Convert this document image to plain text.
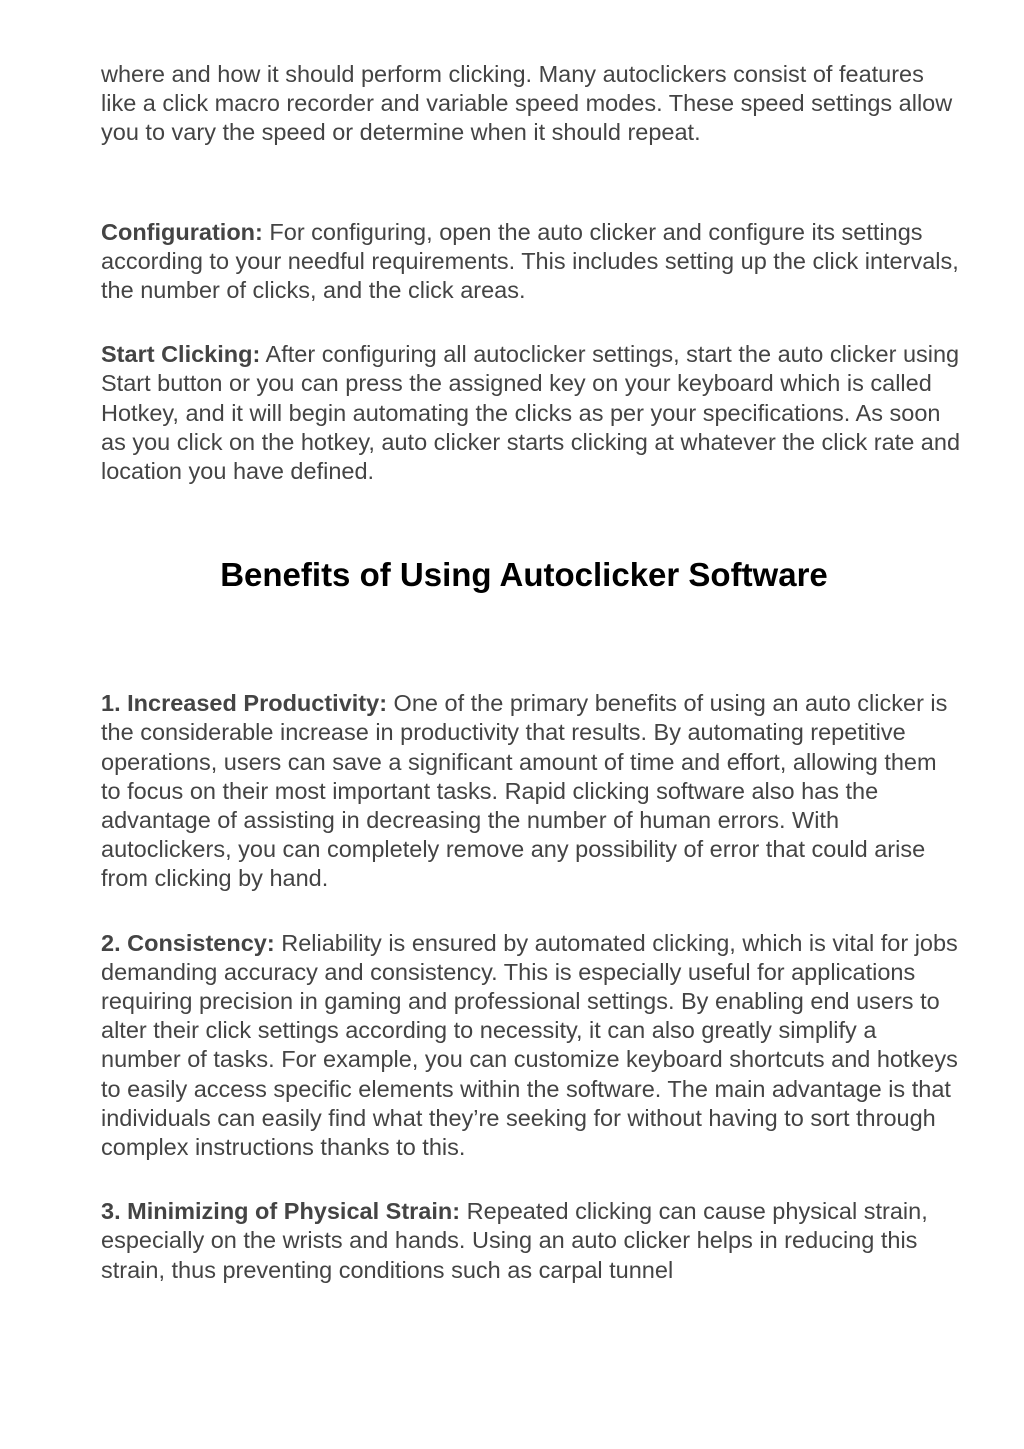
where and how it should perform clicking. Many autoclickers consist of features like a click macro recorder and variable speed modes. These speed settings allow you to vary the speed or determine when it should repeat.

Configuration: For configuring, open the auto clicker and configure its settings according to your needful requirements. This includes setting up the click intervals, the number of clicks, and the click areas.

Start Clicking: After configuring all autoclicker settings, start the auto clicker using Start button or you can press the assigned key on your keyboard which is called Hotkey, and it will begin automating the clicks as per your specifications. As soon as you click on the hotkey, auto clicker starts clicking at whatever the click rate and location you have defined.

Benefits of Using Autoclicker Software

1. Increased Productivity: One of the primary benefits of using an auto clicker is the considerable increase in productivity that results. By automating repetitive operations, users can save a significant amount of time and effort, allowing them to focus on their most important tasks. Rapid clicking software also has the advantage of assisting in decreasing the number of human errors. With autoclickers, you can completely remove any possibility of error that could arise from clicking by hand.

2. Consistency: Reliability is ensured by automated clicking, which is vital for jobs demanding accuracy and consistency. This is especially useful for applications requiring precision in gaming and professional settings. By enabling end users to alter their click settings according to necessity, it can also greatly simplify a number of tasks. For example, you can customize keyboard shortcuts and hotkeys to easily access specific elements within the software. The main advantage is that individuals can easily find what they’re seeking for without having to sort through complex instructions thanks to this.

3. Minimizing of Physical Strain: Repeated clicking can cause physical strain, especially on the wrists and hands. Using an auto clicker helps in reducing this strain, thus preventing conditions such as carpal tunnel
